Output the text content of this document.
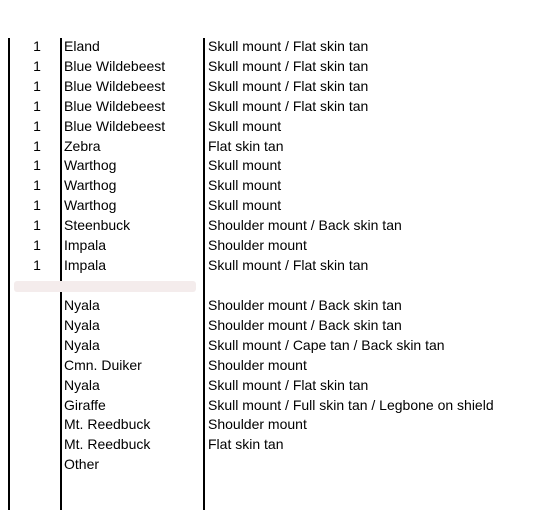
1 Eland	Skull mount / Flat skin tan
1 Blue Wildebeest	Skull mount / Flat skin tan
1 Blue Wildebeest	Skull mount / Flat skin tan
1 Blue Wildebeest	Skull mount / Flat skin tan
1 Blue Wildebeest	Skull mount
1 Zebra	Flat skin tan
1 Warthog	Skull mount
1 Warthog	Skull mount
1 Warthog	Skull mount
1 Steenbuck	Shoulder mount / Back skin tan
1 Impala	Shoulder mount
1 Impala	Skull mount / Flat skin tan
Nyala	Shoulder mount / Back skin tan
Nyala	Shoulder mount / Back skin tan
Nyala	Skull mount / Cape tan / Back skin tan
Cmn. Duiker	Shoulder mount
Nyala	Skull mount / Flat skin tan
Giraffe	Skull mount / Full skin tan / Legbone on shield
Mt. Reedbuck	Shoulder mount
Mt. Reedbuck	Flat skin tan
Other
